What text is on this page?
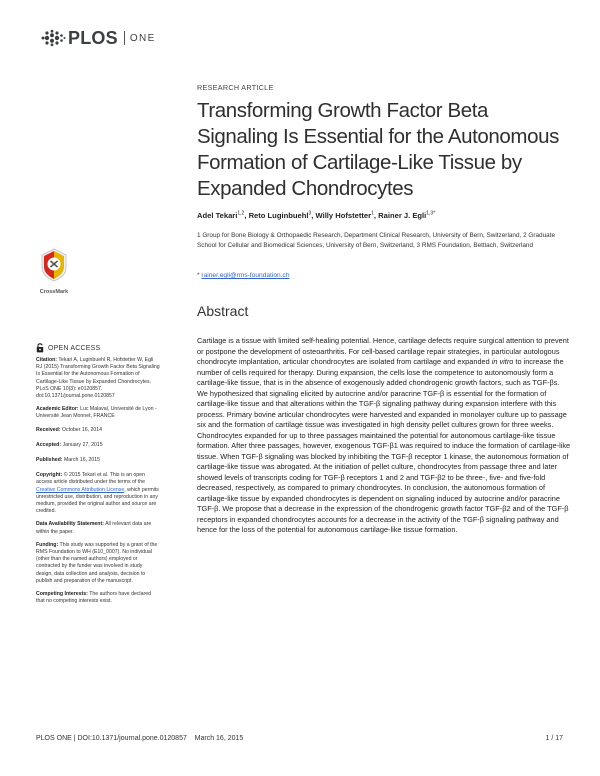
PLOS ONE
RESEARCH ARTICLE
Transforming Growth Factor Beta Signaling Is Essential for the Autonomous Formation of Cartilage-Like Tissue by Expanded Chondrocytes
Adel Tekari$^{1,2}$, Reto Luginbuehl$^3$, Willy Hofstetter$^1$, Rainer J. Egli$^{1,3*}$
1 Group for Bone Biology & Orthopaedic Research, Department Clinical Research, University of Bern, Switzerland, 2 Graduate School for Cellular and Biomedical Sciences, University of Bern, Switzerland, 3 RMS Foundation, Bettlach, Switzerland
* rainer.egli@rms-foundation.ch
CrossMark
OPEN ACCESS
Citation: Tekari A, Luginbuehl R, Hofstetter W, Egli RJ (2015) Transforming Growth Factor Beta Signaling Is Essential for the Autonomous Formation of Cartilage-Like Tissue by Expanded Chondrocytes. PLoS ONE 10(3): e0120857. doi:10.1371/journal.pone.0120857
Academic Editor: Luc Malaval, Université de Lyon - Université Jean Monnet, FRANCE
Received: October 16, 2014
Accepted: January 27, 2015
Published: March 16, 2015
Copyright: © 2015 Tekari et al. This is an open access article distributed under the terms of the Creative Commons Attribution License, which permits unrestricted use, distribution, and reproduction in any medium, provided the original author and source are credited.
Data Availability Statement: All relevant data are within the paper.
Funding: This study was supported by a grant of the RMS Foundation to WH (E10_0007). No individual (other than the named authors) employed or contracted by the funder was involved in study design, data collection and analysis, decision to publish and preparation of the manuscript.
Competing Interests: The authors have declared that no competing interests exist.
Abstract
Cartilage is a tissue with limited self-healing potential. Hence, cartilage defects require surgical attention to prevent or postpone the development of osteoarthritis. For cell-based cartilage repair strategies, in particular autologous chondrocyte implantation, articular chondrocytes are isolated from cartilage and expanded in vitro to increase the number of cells required for therapy. During expansion, the cells lose the competence to autonomously form a cartilage-like tissue, that is in the absence of exogenously added chondrogenic growth factors, such as TGF-βs. We hypothesized that signaling elicited by autocrine and/or paracrine TGF-β is essential for the formation of cartilage-like tissue and that alterations within the TGF-β signaling pathway during expansion interfere with this process. Primary bovine articular chondrocytes were harvested and expanded in monolayer culture up to passage six and the formation of cartilage tissue was investigated in high density pellet cultures grown for three weeks. Chondrocytes expanded for up to three passages maintained the potential for autonomous cartilage-like tissue formation. After three passages, however, exogenous TGF-β1 was required to induce the formation of cartilage-like tissue. When TGF-β signaling was blocked by inhibiting the TGF-β receptor 1 kinase, the autonomous formation of cartilage-like tissue was abrogated. At the initiation of pellet culture, chondrocytes from passage three and later showed levels of transcripts coding for TGF-β receptors 1 and 2 and TGF-β2 to be three-, five- and five-fold decreased, respectively, as compared to primary chondrocytes. In conclusion, the autonomous formation of cartilage-like tissue by expanded chondrocytes is dependent on signaling induced by autocrine and/or paracrine TGF-β. We propose that a decrease in the expression of the chondrogenic growth factor TGF-β2 and of the TGF-β receptors in expanded chondrocytes accounts for a decrease in the activity of the TGF-β signaling pathway and hence for the loss of the potential for autonomous cartilage-like tissue formation.
PLOS ONE | DOI:10.1371/journal.pone.0120857    March 16, 2015	1 / 17
